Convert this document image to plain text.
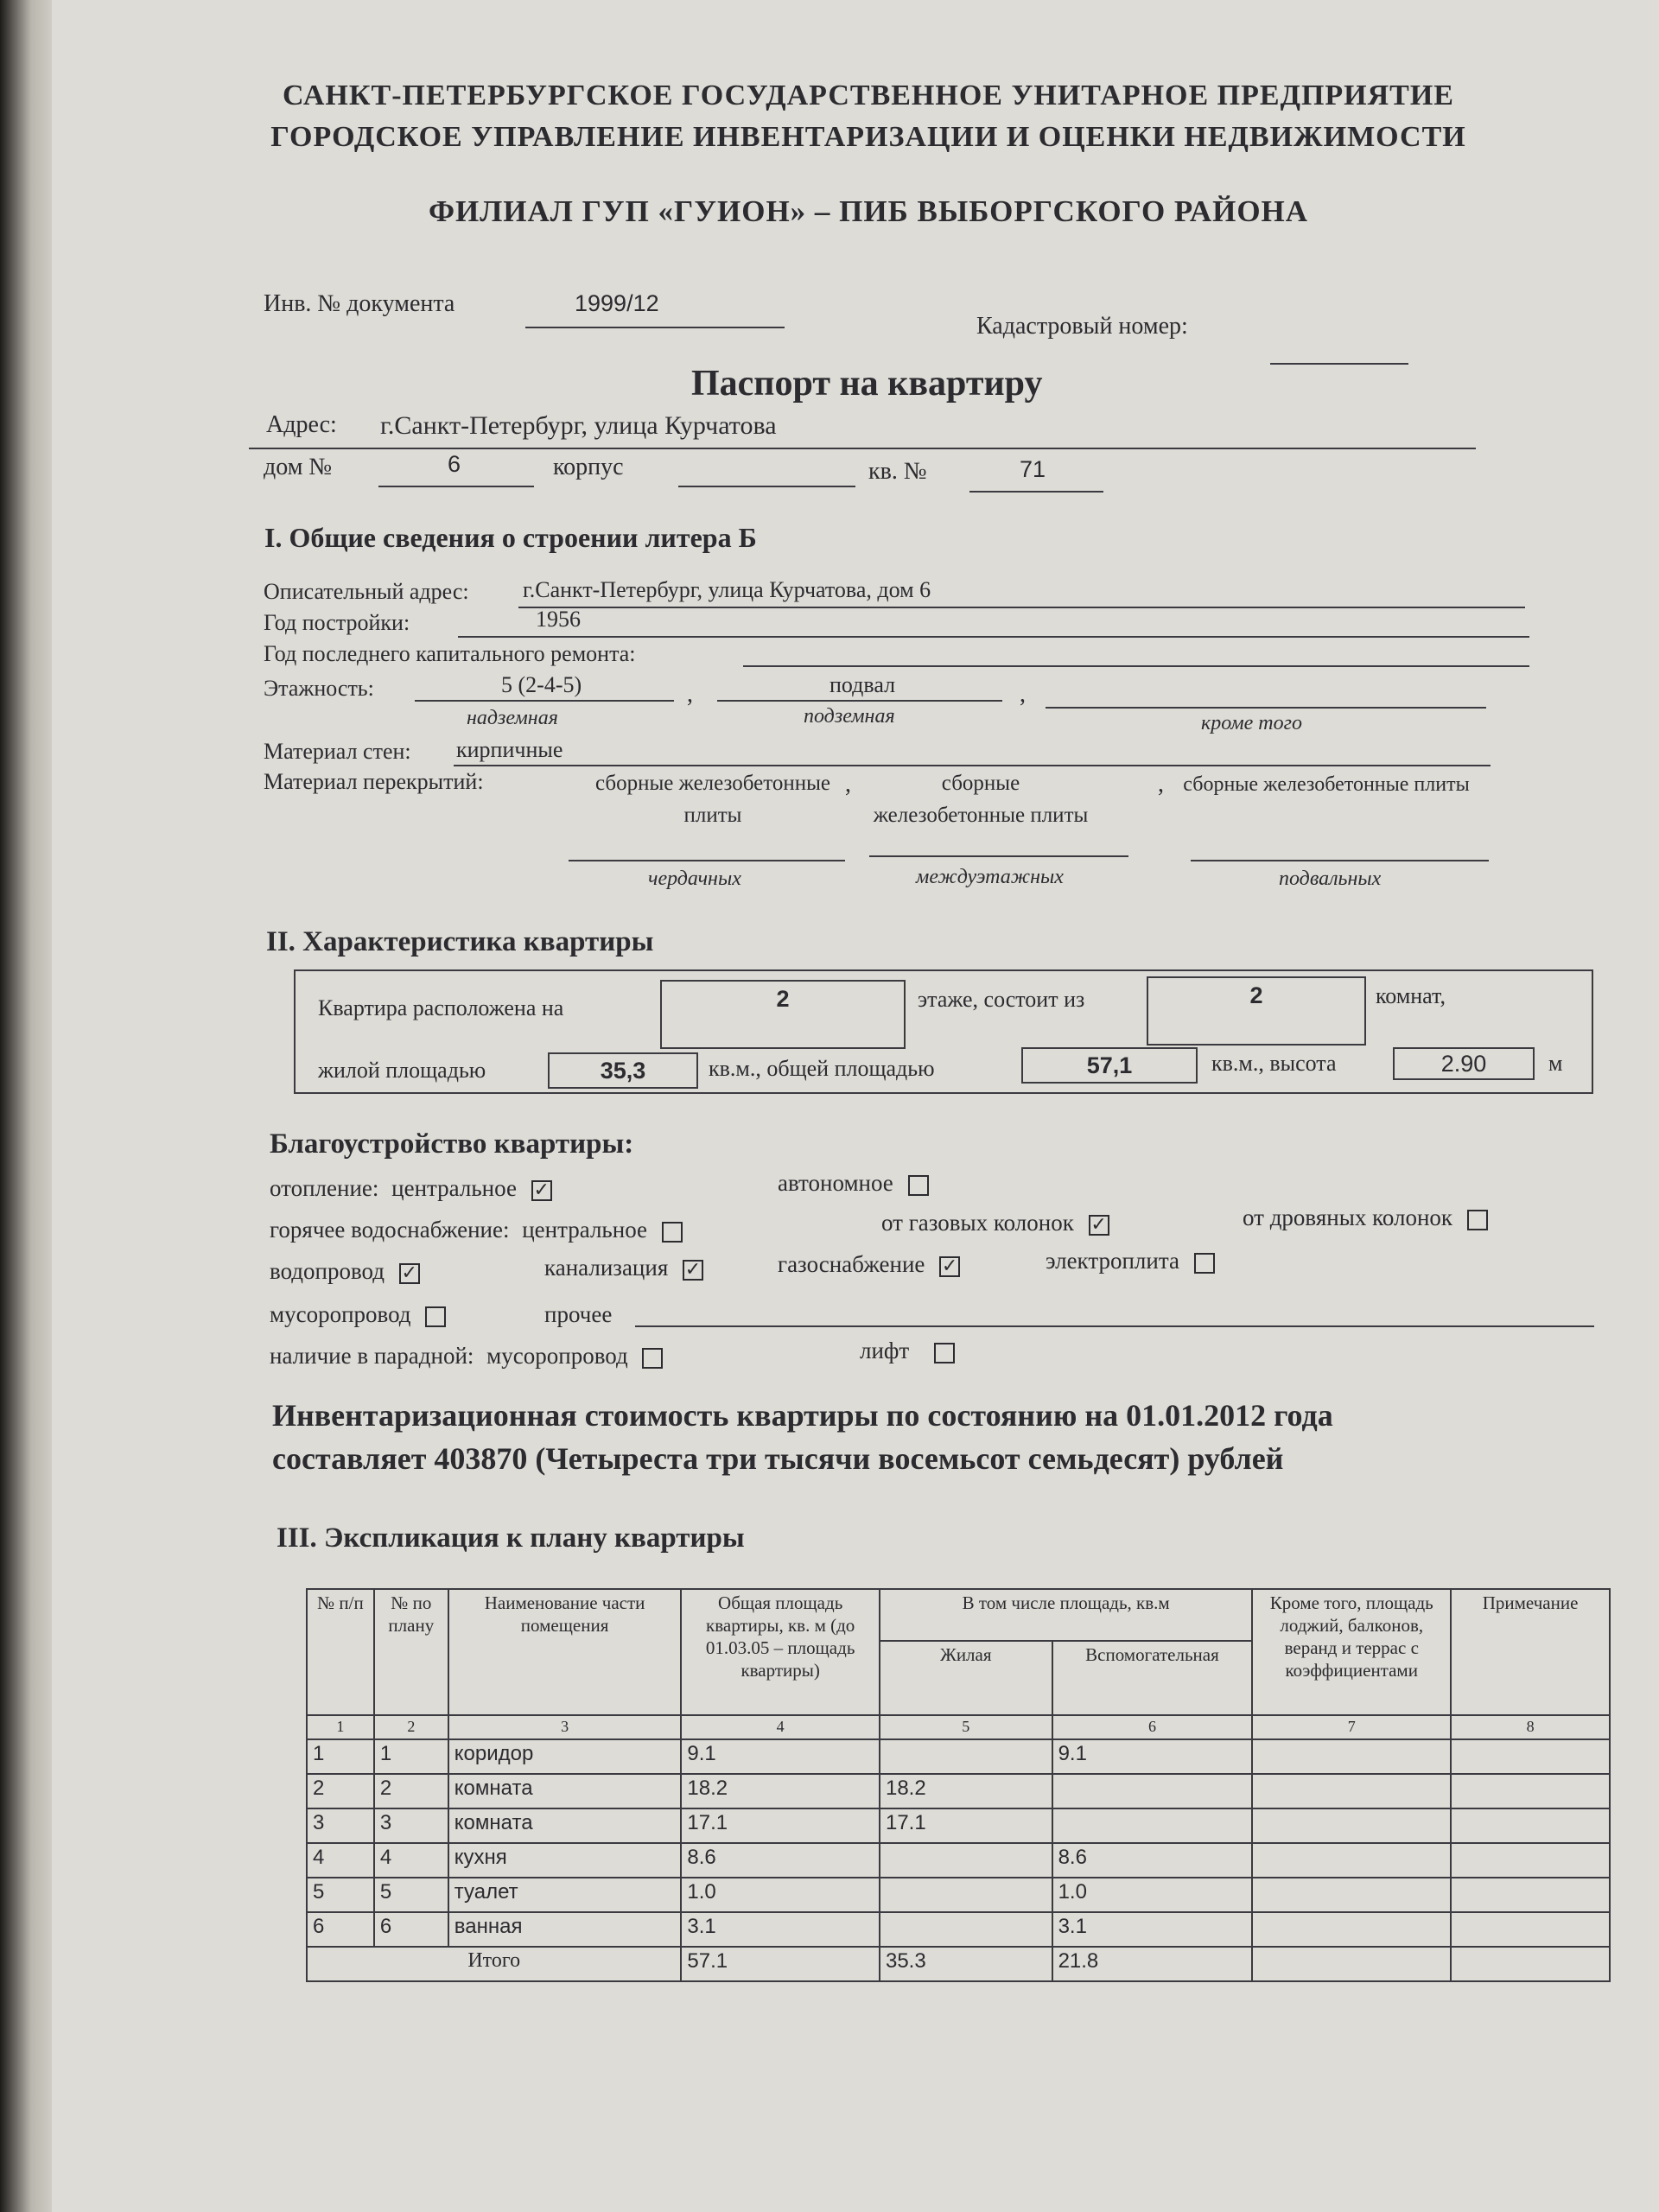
САНКТ-ПЕТЕРБУРГСКОЕ ГОСУДАРСТВЕННОЕ УНИТАРНОЕ ПРЕДПРИЯТИЕ
ГОРОДСКОЕ УПРАВЛЕНИЕ ИНВЕНТАРИЗАЦИИ И ОЦЕНКИ НЕДВИЖИМОСТИ
ФИЛИАЛ ГУП «ГУИОН» – ПИБ ВЫБОРГСКОГО РАЙОНА
Инв. № документа	1999/12
Кадастровый номер:
Паспорт на квартиру
Адрес: г.Санкт-Петербург, улица Курчатова
дом №	6	корпус	кв. №	71
I. Общие сведения о строении литера Б
Описательный адрес: г.Санкт-Петербург, улица Курчатова, дом 6
Год постройки:	1956
Год последнего капитального ремонта:
Этажность:	5 (2-4-5)	,	подвал	,
надземная	подземная	кроме того
Материал стен: кирпичные
Материал перекрытий:	сборные железобетонные плиты
,	сборные железобетонные плиты
, сборные железобетонные плиты
чердачных	междуэтажных	подвальных
II. Характеристика квартиры
Квартира расположена на	2	этаже, состоит из	2	комнат,
жилой площадью	35,3	кв.м., общей площадью	57,1	кв.м., высота	2.90	м
Благоустройство квартиры:
отопление: центральное ✓	автономное
горячее водоснабжение: центральное	от газовых колонок ✓	от дровяных колонок
водопровод ✓	канализация ✓	газоснабжение ✓	электроплита
мусоропровод	прочее
наличие в парадной: мусоропровод	лифт
Инвентаризационная стоимость квартиры по состоянию на 01.01.2012 года
составляет 403870 (Четыреста три тысячи восемьсот семьдесят) рублей
III. Экспликация к плану квартиры
№ п/п	№ по плану	Наименование части помещения	Общая площадь квартиры, кв. м (до 01.03.05 – площадь квартиры)	В том числе площадь, кв.м		Кроме того, площадь лоджий, балконов, веранд и террас с коэффициентами	Примечание
				Жилая	Вспомогательная		
1	2	3	4	5	6	7	8
1	1	коридор	9.1		9.1		
2	2	комната	18.2	18.2			
3	3	комната	17.1	17.1			
4	4	кухня	8.6		8.6		
5	5	туалет	1.0		1.0		
6	6	ванная	3.1		3.1		
Итого			57.1	35.3	21.8		
